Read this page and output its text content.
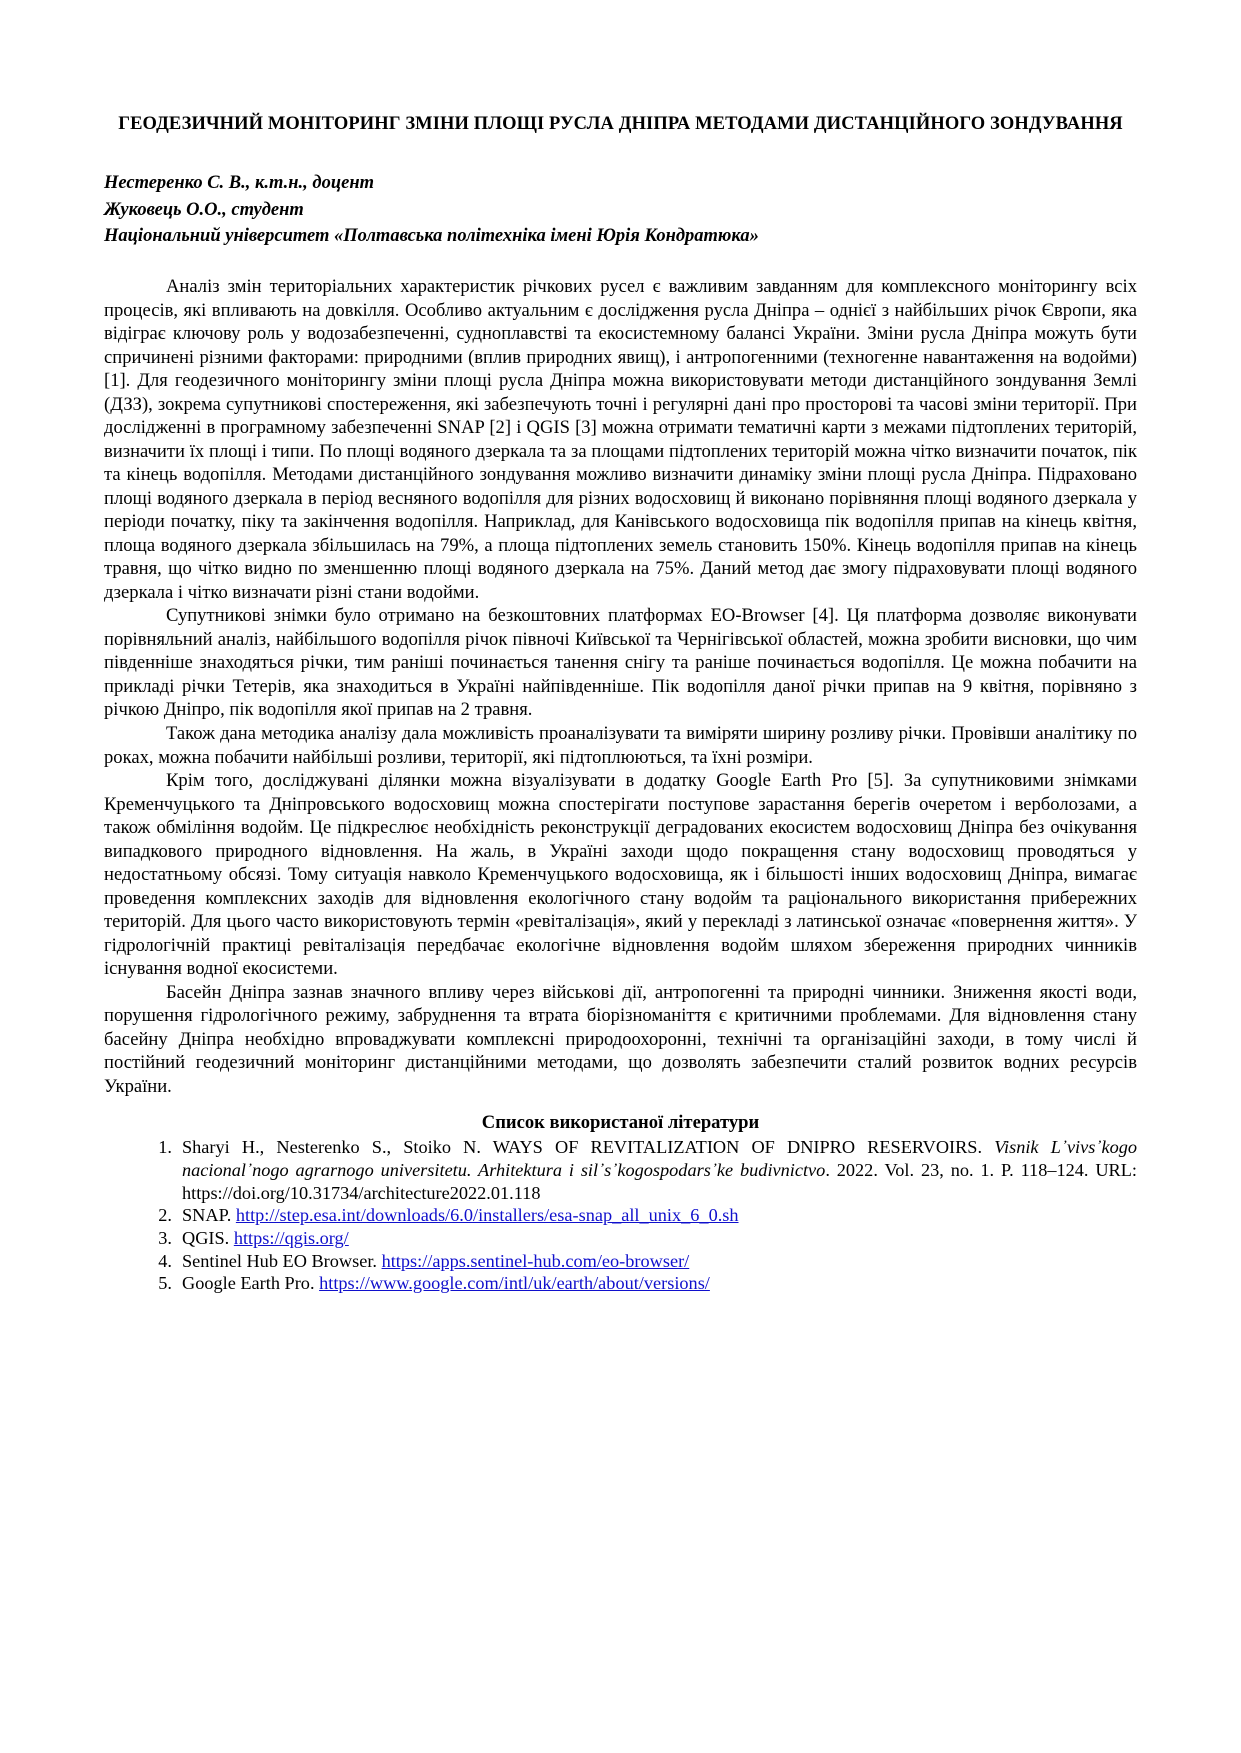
ГЕОДЕЗИЧНИЙ МОНІТОРИНГ ЗМІНИ ПЛОЩІ РУСЛА ДНІПРА МЕТОДАМИ ДИСТАНЦІЙНОГО ЗОНДУВАННЯ
Нестеренко С. В., к.т.н., доцент
Жуковець О.О., студент
Національний університет «Полтавська політехніка імені Юрія Кондратюка»

Аналіз змін територіальних характеристик річкових русел є важливим завданням для комплексного моніторингу всіх процесів, які впливають на довкілля. Особливо актуальним є дослідження русла Дніпра – однієї з найбільших річок Європи, яка відіграє ключову роль у водозабезпеченні, судноплавстві та екосистемному балансі України. Зміни русла Дніпра можуть бути спричинені різними факторами: природними (вплив природних явищ), і антропогенними (техногенне навантаження на водойми) [1]. Для геодезичного моніторингу зміни площі русла Дніпра можна використовувати методи дистанційного зондування Землі (ДЗЗ), зокрема супутникові спостереження, які забезпечують точні і регулярні дані про просторові та часові зміни території. При дослідженні в програмному забезпеченні SNAP [2] і QGIS [3] можна отримати тематичні карти з межами підтоплених територій, визначити їх площі і типи. По площі водяного дзеркала та за площами підтоплених територій можна чітко визначити початок, пік та кінець водопілля. Методами дистанційного зондування можливо визначити динаміку зміни площі русла Дніпра. Підраховано площі водяного дзеркала в період весняного водопілля для різних водосховищ й виконано порівняння площі водяного дзеркала у періоди початку, піку та закінчення водопілля. Наприклад, для Канівського водосховища пік водопілля припав на кінець квітня, площа водяного дзеркала збільшилась на 79%, а площа підтоплених земель становить 150%. Кінець водопілля припав на кінець травня, що чітко видно по зменшенню площі водяного дзеркала на 75%. Даний метод дає змогу підраховувати площі водяного дзеркала і чітко визначати різні стани водойми.

Супутникові знімки було отримано на безкоштовних платформах ЕО-Browser [4]. Ця платформа дозволяє виконувати порівняльний аналіз, найбільшого водопілля річок півночі Київської та Чернігівської областей, можна зробити висновки, що чим південніше знаходяться річки, тим раніші починається танення снігу та раніше починається водопілля. Це можна побачити на прикладі річки Тетерів, яка знаходиться в Україні найпівденніше. Пік водопілля даної річки припав на 9 квітня, порівняно з річкою Дніпро, пік водопілля якої припав на 2 травня.

Також дана методика аналізу дала можливість проаналізувати та виміряти ширину розливу річки. Провівши аналітику по роках, можна побачити найбільші розливи, території, які підтоплюються, та їхні розміри.

Крім того, досліджувані ділянки можна візуалізувати в додатку Google Earth Pro [5]. За супутниковими знімками Кременчуцького та Дніпровського водосховищ можна спостерігати поступове зарастання берегів очеретом і верболозами, а також обміління водойм. Це підкреслює необхідність реконструкції деградованих екосистем водосховищ Дніпра без очікування випадкового природного відновлення. На жаль, в Україні заходи щодо покращення стану водосховищ проводяться у недостатньому обсязі. Тому ситуація навколо Кременчуцького водосховища, як і більшості інших водосховищ Дніпра, вимагає проведення комплексних заходів для відновлення екологічного стану водойм та раціонального використання прибережних територій. Для цього часто використовують термін «ревіталізація», який у перекладі з латинської означає «повернення життя». У гідрологічній практиці ревіталізація передбачає екологічне відновлення водойм шляхом збереження природних чинників існування водної екосистеми.

Басейн Дніпра зазнав значного впливу через військові дії, антропогенні та природні чинники. Зниження якості води, порушення гідрологічного режиму, забруднення та втрата біорізноманіття є критичними проблемами. Для відновлення стану басейну Дніпра необхідно впроваджувати комплексні природоохоронні, технічні та організаційні заходи, в тому числі й постійний геодезичний моніторинг дистанційними методами, що дозволять забезпечити сталий розвиток водних ресурсів України.

Список використаної літератури
1. Sharyi H., Nesterenko S., Stoiko N. WAYS OF REVITALIZATION OF DNIPRO RESERVOIRS. Visnik L᾽vіvs᾽kogo nacіonal᾽nogo agrarnogo unіversitetu. Arhіtektura і sіl᾽s᾽kogospodars᾽ke budіvnictvo. 2022. Vol. 23, no. 1. P. 118–124. URL: https://doi.org/10.31734/architecture2022.01.118
2. SNAP. http://step.esa.int/downloads/6.0/installers/esa-snap_all_unix_6_0.sh
3. QGIS. https://qgis.org/
4. Sentinel Hub EO Browser. https://apps.sentinel-hub.com/eo-browser/
5. Google Earth Pro. https://www.google.com/intl/uk/earth/about/versions/
